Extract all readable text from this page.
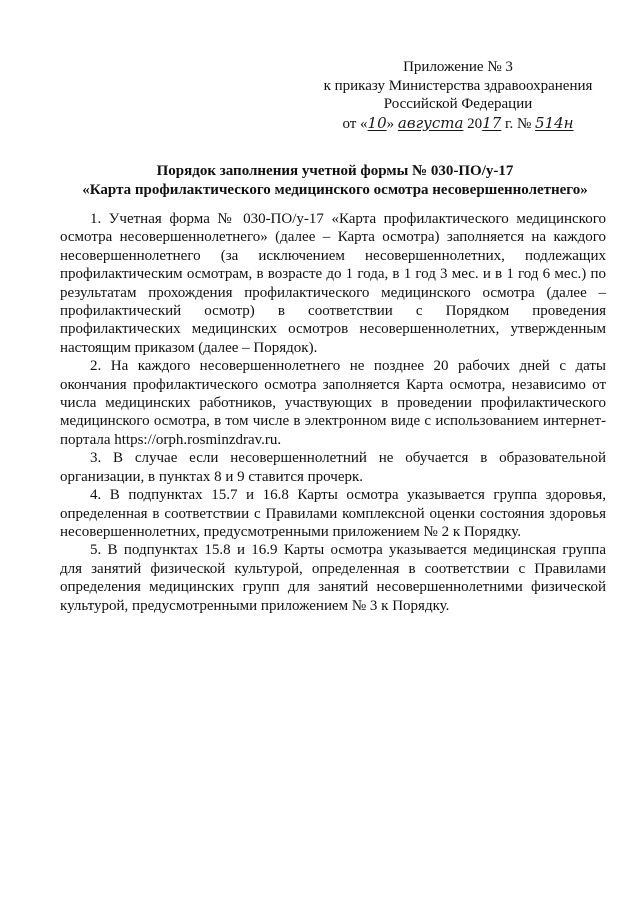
Приложение № 3
к приказу Министерства здравоохранения
Российской Федерации
от «10» августа 2017 г. № 514н
Порядок заполнения учетной формы № 030-ПО/у-17
«Карта профилактического медицинского осмотра несовершеннолетнего»

1. Учетная форма № 030-ПО/у-17 «Карта профилактического медицинского осмотра несовершеннолетнего» (далее – Карта осмотра) заполняется на каждого несовершеннолетнего (за исключением несовершеннолетних, подлежащих профилактическим осмотрам, в возрасте до 1 года, в 1 год 3 мес. и в 1 год 6 мес.) по результатам прохождения профилактического медицинского осмотра (далее – профилактический осмотр) в соответствии с Порядком проведения профилактических медицинских осмотров несовершеннолетних, утвержденным настоящим приказом (далее – Порядок).

2. На каждого несовершеннолетнего не позднее 20 рабочих дней с даты окончания профилактического осмотра заполняется Карта осмотра, независимо от числа медицинских работников, участвующих в проведении профилактического медицинского осмотра, в том числе в электронном виде с использованием интернет-портала https://orph.rosminzdrav.ru.

3. В случае если несовершеннолетний не обучается в образовательной организации, в пунктах 8 и 9 ставится прочерк.

4. В подпунктах 15.7 и 16.8 Карты осмотра указывается группа здоровья, определенная в соответствии с Правилами комплексной оценки состояния здоровья несовершеннолетних, предусмотренными приложением № 2 к Порядку.

5. В подпунктах 15.8 и 16.9 Карты осмотра указывается медицинская группа для занятий физической культурой, определенная в соответствии с Правилами определения медицинских групп для занятий несовершеннолетними физической культурой, предусмотренными приложением № 3 к Порядку.
